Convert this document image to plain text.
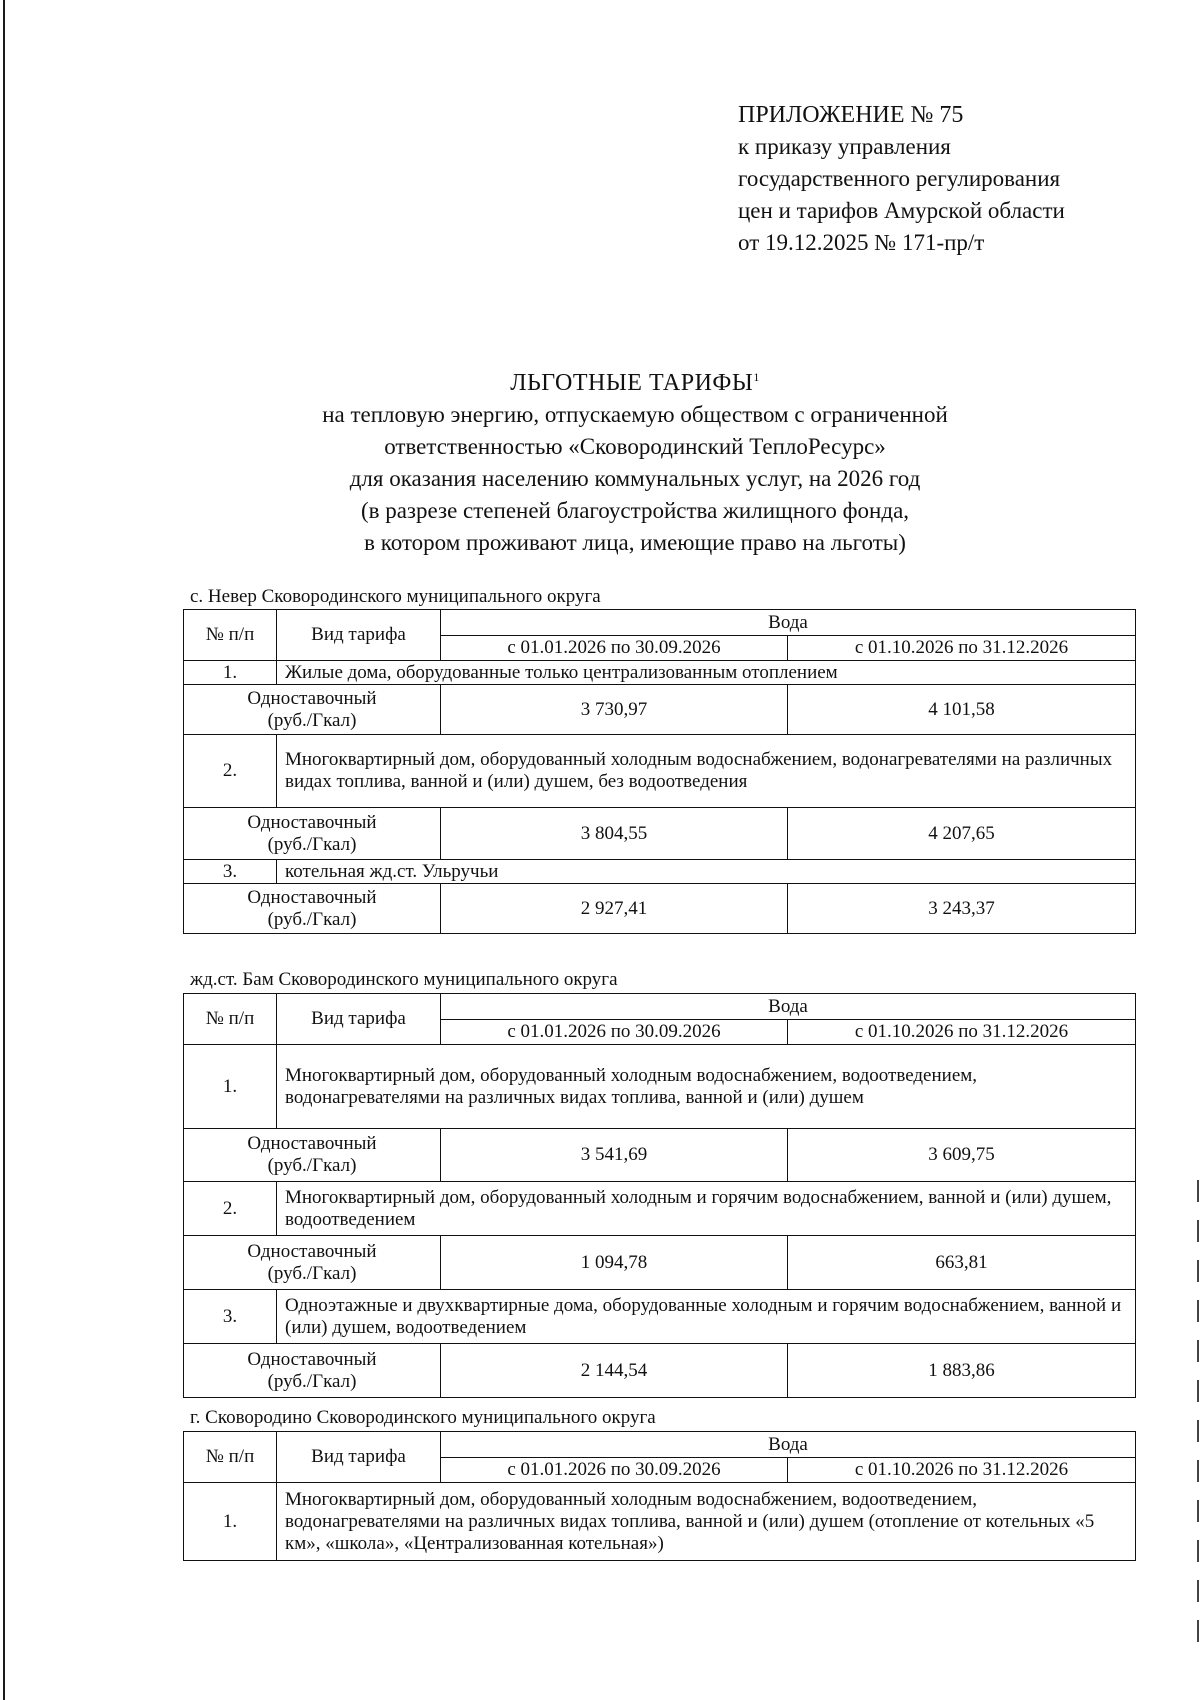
ПРИЛОЖЕНИЕ № 75
к приказу управления
государственного регулирования
цен и тарифов Амурской области
от 19.12.2025 № 171-пр/т
ЛЬГОТНЫЕ ТАРИФЫ$^1$
на тепловую энергию, отпускаемую обществом с ограниченной
ответственностью «Сковородинский ТеплоРесурс»
для оказания населению коммунальных услуг, на 2026 год
(в разрезе степеней благоустройства жилищного фонда,
в котором проживают лица, имеющие право на льготы)
с. Невер Сковородинского муниципального округа
№ п/п	Вид тарифа	Вода	
		с 01.01.2026 по 30.09.2026	с 01.10.2026 по 31.12.2026
1.	Жилые дома, оборудованные только централизованным отоплением		

Одноставочный
(руб./Гкал)		3 730,97	4 101,58
2.	Многоквартирный дом, оборудованный холодным водоснабжением, водонагревателями на различных видах топлива, ванной и (или) душем, без водоотведения		

Одноставочный
(руб./Гкал)		3 804,55	4 207,65
3.	котельная жд.ст. Ульручьи		

Одноставочный
(руб./Гкал)		2 927,41	3 243,37
жд.ст. Бам Сковородинского муниципального округа
№ п/п	Вид тарифа	Вода	
		с 01.01.2026 по 30.09.2026	с 01.10.2026 по 31.12.2026
1.	Многоквартирный дом, оборудованный холодным водоснабжением, водоотведением, водонагревателями на различных видах топлива, ванной и (или) душем		

Одноставочный
(руб./Гкал)		3 541,69	3 609,75
2.	Многоквартирный дом, оборудованный холодным и горячим водоснабжением, ванной и (или) душем, водоотведением		

Одноставочный
(руб./Гкал)		1 094,78	663,81
3.	Одноэтажные и двухквартирные дома, оборудованные холодным и горячим водоснабжением, ванной и (или) душем, водоотведением		

Одноставочный
(руб./Гкал)		2 144,54	1 883,86
г. Сковородино Сковородинского муниципального округа
№ п/п	Вид тарифа	Вода	
		с 01.01.2026 по 30.09.2026	с 01.10.2026 по 31.12.2026
1.	Многоквартирный дом, оборудованный холодным водоснабжением, водоотведением, водонагревателями на различных видах топлива, ванной и (или) душем (отопление от котельных «5 км», «школа», «Централизованная котельная»)		
